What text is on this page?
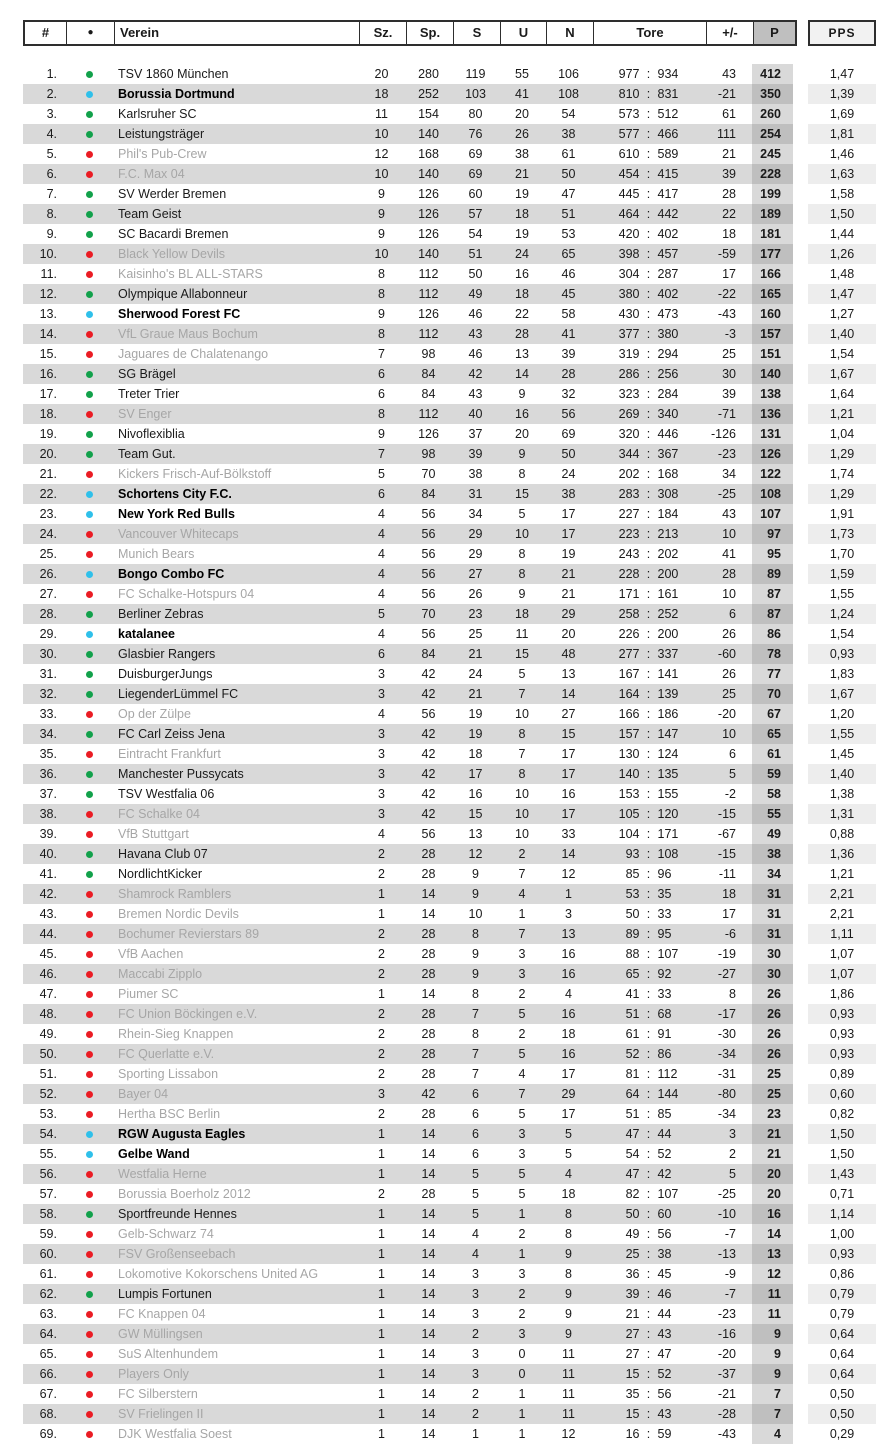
#	●	Verein	Sz.	Sp.	S	U	N	Tore	+/-	P	PPS
1.	TSV 1860 München	20	280	119	55	106	977 : 934	43	412	1,47
2.	Borussia Dortmund	18	252	103	41	108	810 : 831	-21	350	1,39
3.	Karlsruher SC	11	154	80	20	54	573 : 512	61	260	1,69
4.	Leistungsträger	10	140	76	26	38	577 : 466	111	254	1,81
5.	Phil's Pub-Crew	12	168	69	38	61	610 : 589	21	245	1,46
6.	F.C. Max 04	10	140	69	21	50	454 : 415	39	228	1,63
7.	SV Werder Bremen	9	126	60	19	47	445 : 417	28	199	1,58
8.	Team Geist	9	126	57	18	51	464 : 442	22	189	1,50
9.	SC Bacardi Bremen	9	126	54	19	53	420 : 402	18	181	1,44
10.	Black Yellow Devils	10	140	51	24	65	398 : 457	-59	177	1,26
11.	Kaisinho's BL ALL-STARS	8	112	50	16	46	304 : 287	17	166	1,48
12.	Olympique Allabonneur	8	112	49	18	45	380 : 402	-22	165	1,47
13.	Sherwood Forest FC	9	126	46	22	58	430 : 473	-43	160	1,27
14.	VfL Graue Maus Bochum	8	112	43	28	41	377 : 380	-3	157	1,40
15.	Jaguares de Chalatenango	7	98	46	13	39	319 : 294	25	151	1,54
16.	SG Brägel	6	84	42	14	28	286 : 256	30	140	1,67
17.	Treter Trier	6	84	43	9	32	323 : 284	39	138	1,64
18.	SV Enger	8	112	40	16	56	269 : 340	-71	136	1,21
19.	Nivoflexiblia	9	126	37	20	69	320 : 446	-126	131	1,04
20.	Team Gut.	7	98	39	9	50	344 : 367	-23	126	1,29
21.	Kickers Frisch-Auf-Bölkstoff	5	70	38	8	24	202 : 168	34	122	1,74
22.	Schortens City F.C.	6	84	31	15	38	283 : 308	-25	108	1,29
23.	New York Red Bulls	4	56	34	5	17	227 : 184	43	107	1,91
24.	Vancouver Whitecaps	4	56	29	10	17	223 : 213	10	97	1,73
25.	Munich Bears	4	56	29	8	19	243 : 202	41	95	1,70
26.	Bongo Combo FC	4	56	27	8	21	228 : 200	28	89	1,59
27.	FC Schalke-Hotspurs 04	4	56	26	9	21	171 : 161	10	87	1,55
28.	Berliner Zebras	5	70	23	18	29	258 : 252	6	87	1,24
29.	katalanee	4	56	25	11	20	226 : 200	26	86	1,54
30.	Glasbier Rangers	6	84	21	15	48	277 : 337	-60	78	0,93
31.	DuisburgerJungs	3	42	24	5	13	167 : 141	26	77	1,83
32.	LiegenderLümmel FC	3	42	21	7	14	164 : 139	25	70	1,67
33.	Op der Zülpe	4	56	19	10	27	166 : 186	-20	67	1,20
34.	FC Carl Zeiss Jena	3	42	19	8	15	157 : 147	10	65	1,55
35.	Eintracht Frankfurt	3	42	18	7	17	130 : 124	6	61	1,45
36.	Manchester Pussycats	3	42	17	8	17	140 : 135	5	59	1,40
37.	TSV Westfalia 06	3	42	16	10	16	153 : 155	-2	58	1,38
38.	FC Schalke 04	3	42	15	10	17	105 : 120	-15	55	1,31
39.	VfB Stuttgart	4	56	13	10	33	104 : 171	-67	49	0,88
40.	Havana Club 07	2	28	12	2	14	93 : 108	-15	38	1,36
41.	NordlichtKicker	2	28	9	7	12	85 : 96	-11	34	1,21
42.	Shamrock Ramblers	1	14	9	4	1	53 : 35	18	31	2,21
43.	Bremen Nordic Devils	1	14	10	1	3	50 : 33	17	31	2,21
44.	Bochumer Revierstars 89	2	28	8	7	13	89 : 95	-6	31	1,11
45.	VfB Aachen	2	28	9	3	16	88 : 107	-19	30	1,07
46.	Maccabi Zipplo	2	28	9	3	16	65 : 92	-27	30	1,07
47.	Piumer SC	1	14	8	2	4	41 : 33	8	26	1,86
48.	FC Union Böckingen e.V.	2	28	7	5	16	51 : 68	-17	26	0,93
49.	Rhein-Sieg Knappen	2	28	8	2	18	61 : 91	-30	26	0,93
50.	FC Querlatte e.V.	2	28	7	5	16	52 : 86	-34	26	0,93
51.	Sporting Lissabon	2	28	7	4	17	81 : 112	-31	25	0,89
52.	Bayer 04	3	42	6	7	29	64 : 144	-80	25	0,60
53.	Hertha BSC Berlin	2	28	6	5	17	51 : 85	-34	23	0,82
54.	RGW Augusta Eagles	1	14	6	3	5	47 : 44	3	21	1,50
55.	Gelbe Wand	1	14	6	3	5	54 : 52	2	21	1,50
56.	Westfalia Herne	1	14	5	5	4	47 : 42	5	20	1,43
57.	Borussia Boerholz 2012	2	28	5	5	18	82 : 107	-25	20	0,71
58.	Sportfreunde Hennes	1	14	5	1	8	50 : 60	-10	16	1,14
59.	Gelb-Schwarz 74	1	14	4	2	8	49 : 56	-7	14	1,00
60.	FSV Großenseebach	1	14	4	1	9	25 : 38	-13	13	0,93
61.	Lokomotive Kokorschens United AG	1	14	3	3	8	36 : 45	-9	12	0,86
62.	Lumpis Fortunen	1	14	3	2	9	39 : 46	-7	11	0,79
63.	FC Knappen 04	1	14	3	2	9	21 : 44	-23	11	0,79
64.	GW Müllingsen	1	14	2	3	9	27 : 43	-16	9	0,64
65.	SuS Altenhundem	1	14	3	0	11	27 : 47	-20	9	0,64
66.	Players Only	1	14	3	0	11	15 : 52	-37	9	0,64
67.	FC Silberstern	1	14	2	1	11	35 : 56	-21	7	0,50
68.	SV Frielingen II	1	14	2	1	11	15 : 43	-28	7	0,50
69.	DJK Westfalia Soest	1	14	1	1	12	16 : 59	-43	4	0,29
